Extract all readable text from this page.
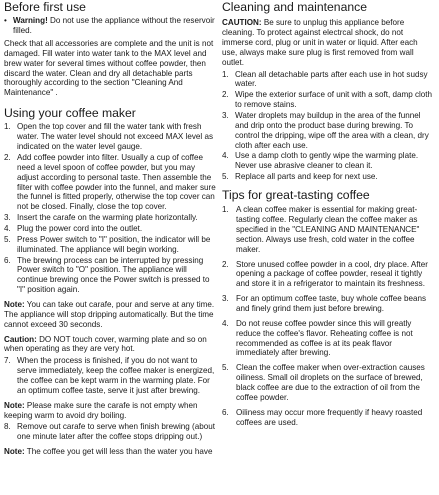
Before first use
• Warning! Do not use the appliance without the reservoir filled.

Check that all accessories are complete and the unit is not damaged. Fill water into water tank to the MAX level and brew water for several times without coffee powder, then discard the water. Clean and dry all detachable parts thoroughly according to the section "Cleaning And Maintenance" .

Using your coffee maker
1. Open the top cover and fill the water tank with fresh water. The water level should not exceed MAX level as indicated on the water level gauge.
2. Add coffee powder into filter. Usually a cup of coffee need a level spoon of coffee powder, but you may adjust according to personal taste. Then assemble the filter with coffee powder into the funnel, and maker sure the funnel is fitted properly, otherwise the top cover can not be closed. Finally, close the top cover.
3. Insert the carafe on the warming plate horizontally.
4. Plug the power cord into the outlet.
5. Press Power switch to "I" position, the indicator will be illuminated. The appliance will begin working.
6. The brewing process can be interrupted by pressing Power switch to "O" position. The appliance will continue brewing once the Power switch is pressed to "I" position again.

Note: You can take out carafe, pour and serve at any time. The appliance will stop dripping automatically. But the time cannot exceed 30 seconds.

Caution: DO NOT touch cover, warming plate and so on when operating as they are very hot.

7. When the process is finished, if you do not want to serve immediately, keep the coffee maker is energized, the coffee can be kept warm in the warming plate. For an optimum coffee taste, serve it just after brewing.

Note: Please make sure the carafe is not empty when keeping warm to avoid dry boiling.

8. Remove out carafe to serve when finish brewing (about one minute later after the coffee stops dripping out.)

Note: The coffee you get will less than the water you have

Cleaning and maintenance

CAUTION: Be sure to unplug this appliance before cleaning. To protect against electrcal shock, do not immerse cord, plug or unit in water or liquid. After each use, always make sure plug is first removed from wall outlet.

1. Clean all detachable parts after each use in hot sudsy water.
2. Wipe the exterior surface of unit with a soft, damp cloth to remove stains.
3. Water droplets may buildup in the area of the funnel and drip onto the product base during brewing. To control the dripping, wipe off the area with a clean, dry cloth after each use.
4. Use a damp cloth to gently wipe the warming plate. Never use abrasive cleaner to clean it.
5. Replace all parts and keep for next use.
Tips for great-tasting coffee
1. A clean coffee maker is essential for making great-tasting coffee. Regularly clean the coffee maker as specified in the "CLEANING AND MAINTENANCE" section. Always use fresh, cold water in the coffee maker.
2. Store unused coffee powder in a cool, dry place. After opening a package of coffee powder, reseal it tightly and store it in a refrigerator to maintain its freshness.
3. For an optimum coffee taste, buy whole coffee beans and finely grind them just before brewing.
4. Do not reuse coffee powder since this will greatly reduce the coffee's flavor. Reheating coffee is not recommended as coffee is at its peak flavor immediately after brewing.
5. Clean the coffee maker when over-extraction causes oiliness. Small oil droplets on the surface of brewed, black coffee are due to the extraction of oil from the coffee powder.
6. Oiliness may occur more frequently if heavy roasted coffees are used.
